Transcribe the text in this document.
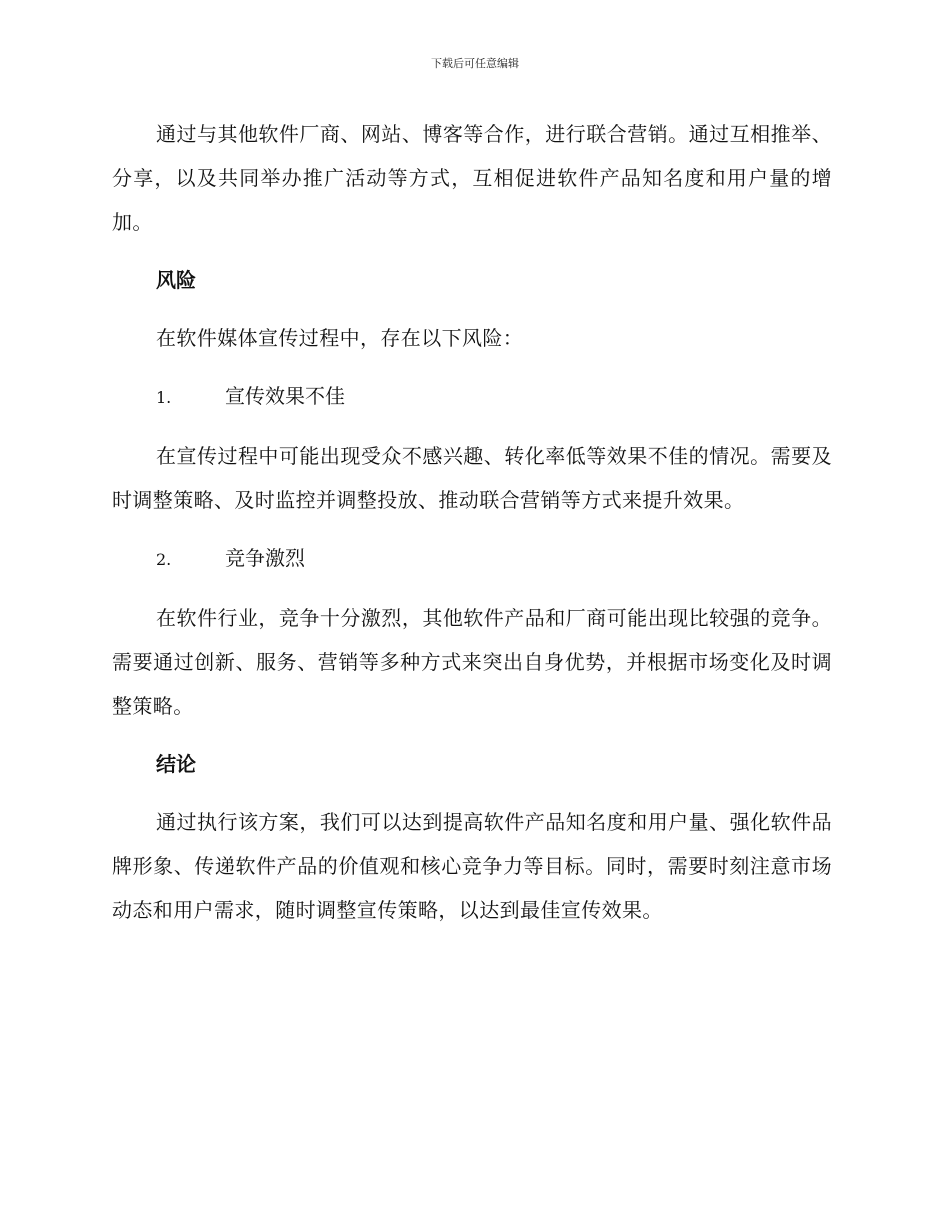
下载后可任意编辑

通过与其他软件厂商、网站、博客等合作，进行联合营销。通过互相推举、分享，以及共同举办推广活动等方式，互相促进软件产品知名度和用户量的增加。

风险

在软件媒体宣传过程中，存在以下风险：

1.	宣传效果不佳

在宣传过程中可能出现受众不感兴趣、转化率低等效果不佳的情况。需要及时调整策略、及时监控并调整投放、推动联合营销等方式来提升效果。

2.	竞争激烈

在软件行业，竞争十分激烈，其他软件产品和厂商可能出现比较强的竞争。需要通过创新、服务、营销等多种方式来突出自身优势，并根据市场变化及时调整策略。

结论

通过执行该方案，我们可以达到提高软件产品知名度和用户量、强化软件品牌形象、传递软件产品的价值观和核心竞争力等目标。同时，需要时刻注意市场动态和用户需求，随时调整宣传策略，以达到最佳宣传效果。
